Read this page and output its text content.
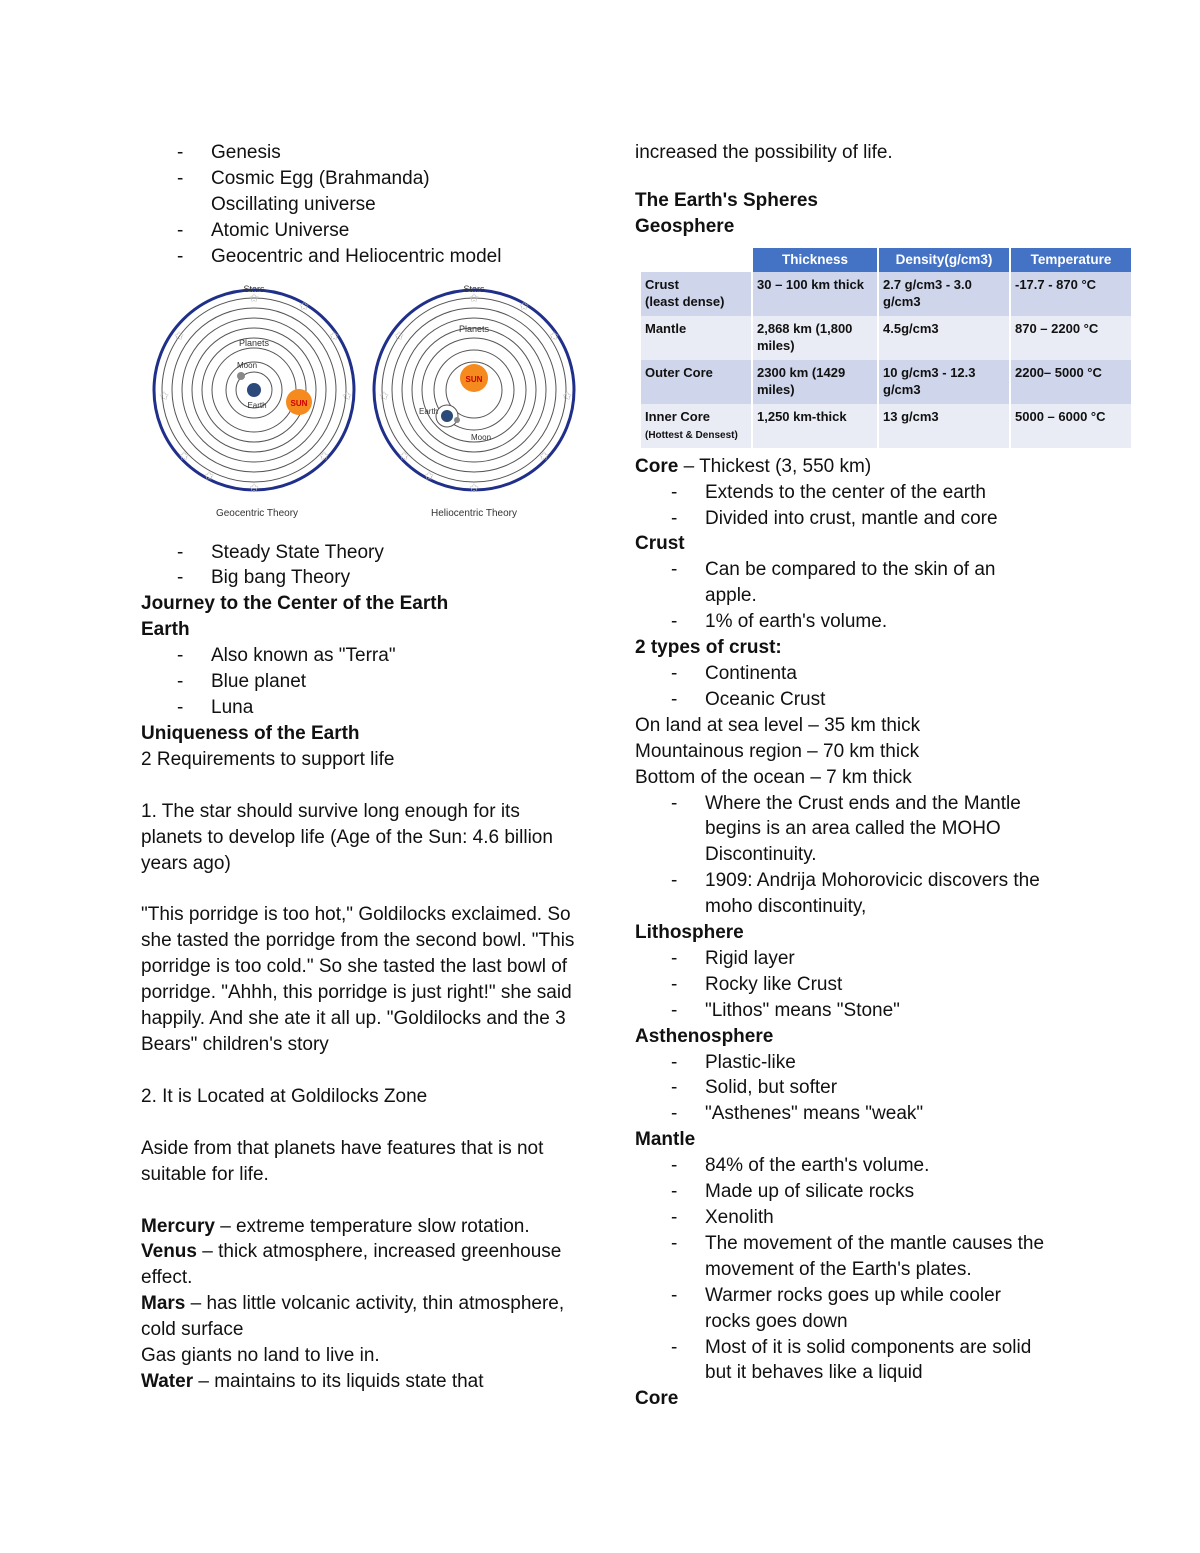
- Genesis
- Cosmic Egg (Brahmanda)
Oscillating universe
- Atomic Universe
- Geocentric and Heliocentric model
SUN
Stars
Planets
Moon
Earth
Geocentric Theory
✩
✩
✩
✩
✩
✩
✩
✩
✩
✩
SUN
Stars
Planets
Earth
Moon
Heliocentric Theory
✩
✩
✩
✩
✩
✩
✩
✩
✩
✩
- Steady State Theory
- Big bang Theory
Journey to the Center of the Earth
Earth
- Also known as "Terra"
- Blue planet
- Luna
Uniqueness of the Earth
2 Requirements to support life
1. The star should survive long enough for its planets to develop life (Age of the Sun: 4.6 billion years ago)
"This porridge is too hot," Goldilocks exclaimed. So she tasted the porridge from the second bowl. "This porridge is too cold." So she tasted the last bowl of porridge. "Ahhh, this porridge is just right!" she said happily. And she ate it all up. "Goldilocks and the 3 Bears" children's story
2. It is Located at Goldilocks Zone
Aside from that planets have features that is not suitable for life.
Mercury – extreme temperature slow rotation.
Venus – thick atmosphere, increased greenhouse effect.
Mars – has little volcanic activity, thin atmosphere, cold surface
Gas giants no land to live in.
Water – maintains to its liquids state that
increased the possibility of life.
The Earth's Spheres
Geosphere
	Thickness	Density(g/cm3)	Temperature
Crust
(least dense)	30 – 100 km thick	2.7 g/cm3 - 3.0 g/cm3	-17.7 - 870 °C
Mantle	2,868 km (1,800 miles)	4.5g/cm3	870 – 2200 °C
Outer Core	2300 km (1429 miles)	10 g/cm3 - 12.3 g/cm3	2200– 5000 °C
Inner Core
(Hottest & Densest)	1,250 km-thick	13 g/cm3	5000 – 6000 °C
Core – Thickest (3, 550 km)
- Extends to the center of the earth
- Divided into crust, mantle and core
Crust
- Can be compared to the skin of an apple.
- 1% of earth's volume.
2 types of crust:
- Continenta
- Oceanic Crust
On land at sea level – 35 km thick
Mountainous region – 70 km thick
Bottom of the ocean – 7 km thick
- Where the Crust ends and the Mantle begins is an area called the MOHO Discontinuity.
- 1909: Andrija Mohorovicic discovers the moho discontinuity,
Lithosphere
- Rigid layer
- Rocky like Crust
- "Lithos" means "Stone"
Asthenosphere
- Plastic-like
- Solid, but softer
- "Asthenes" means "weak"
Mantle
- 84% of the earth's volume.
- Made up of silicate rocks
- Xenolith
- The movement of the mantle causes the movement of the Earth's plates.
- Warmer rocks goes up while cooler rocks goes down
- Most of it is solid components are solid but it behaves like a liquid
Core
